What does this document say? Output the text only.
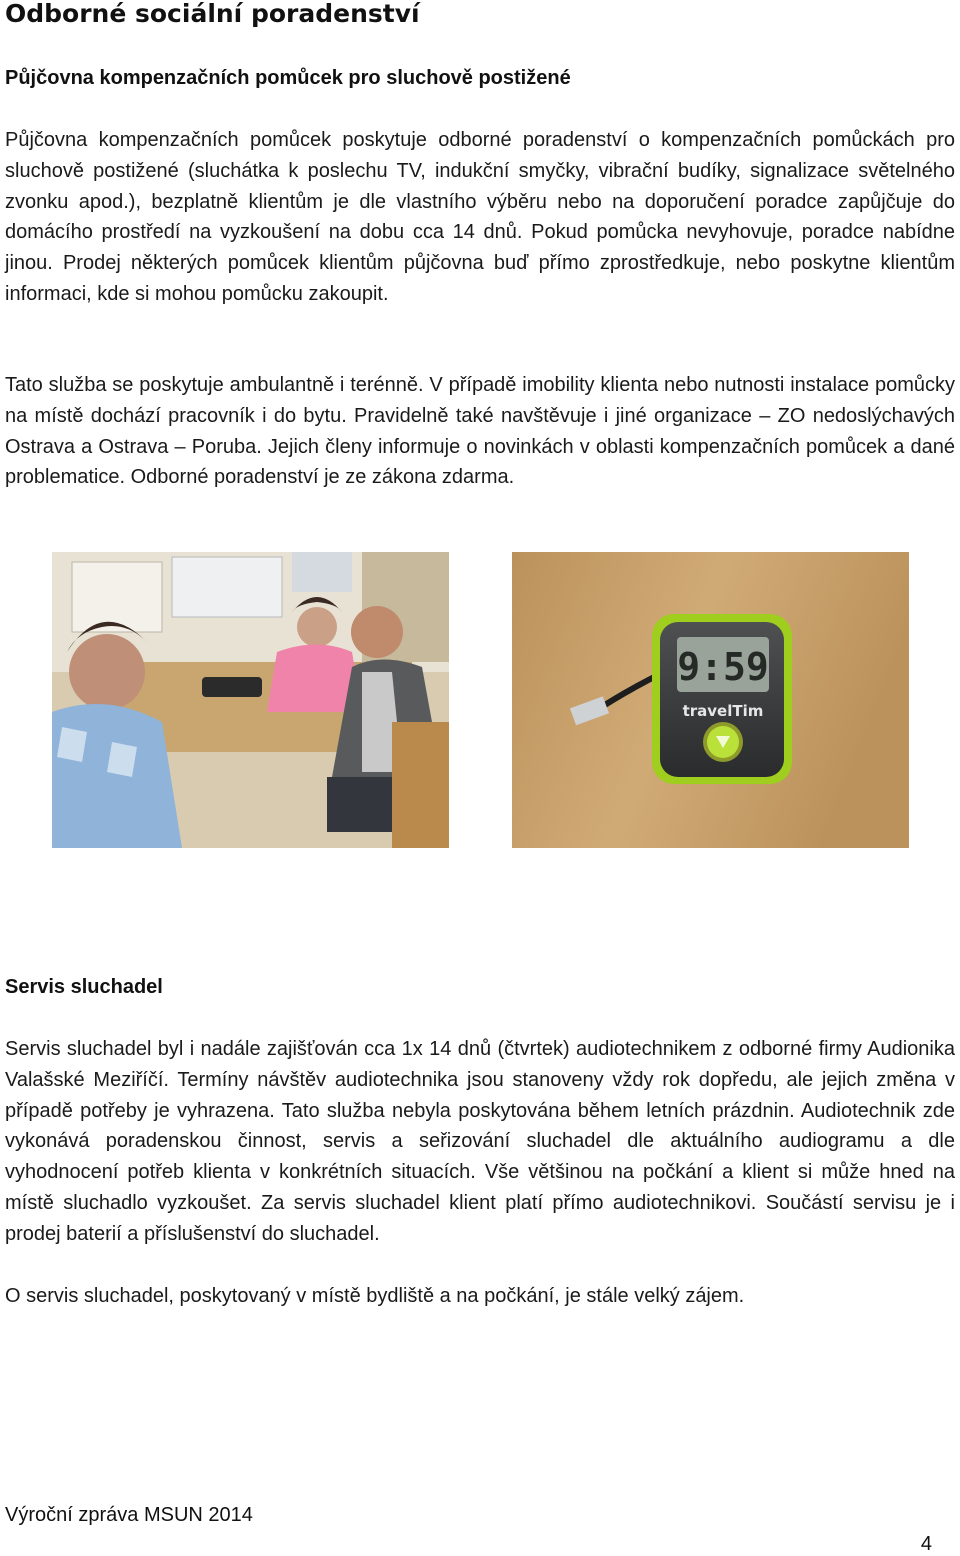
Odborné sociální poradenství
Půjčovna kompenzačních pomůcek pro sluchově postižené

Půjčovna kompenzačních pomůcek poskytuje odborné poradenství o kompenzačních pomůckách pro sluchově postižené (sluchátka k poslechu TV, indukční smyčky, vibrační budíky, signalizace světelného zvonku apod.), bezplatně klientům je dle vlastního výběru nebo na doporučení poradce zapůjčuje do domácího prostředí na vyzkoušení na dobu cca 14 dnů. Pokud pomůcka nevyhovuje, poradce nabídne jinou. Prodej některých pomůcek klientům půjčovna buď přímo zprostředkuje, nebo poskytne klientům informaci, kde si mohou pomůcku zakoupit.

Tato služba se poskytuje ambulantně i terénně. V případě imobility klienta nebo nutnosti instalace pomůcky na místě dochází pracovník i do bytu. Pravidelně také navštěvuje i jiné organizace – ZO nedoslýchavých Ostrava a Ostrava – Poruba. Jejich členy informuje o novinkách v oblasti kompenzačních pomůcek a dané problematice. Odborné poradenství je ze zákona zdarma.

9:59
travelTim
Servis sluchadel

Servis sluchadel byl i nadále zajišťován cca 1x 14 dnů (čtvrtek) audiotechnikem z odborné firmy Audionika Valašské Meziříčí. Termíny návštěv audiotechnika jsou stanoveny vždy rok dopředu, ale jejich změna v případě potřeby je vyhrazena. Tato služba nebyla poskytována během letních prázdnin. Audiotechnik zde vykonává poradenskou činnost, servis a seřizování sluchadel dle aktuálního audiogramu a dle vyhodnocení potřeb klienta v konkrétních situacích. Vše většinou na počkání a klient si může hned na místě sluchadlo vyzkoušet. Za servis sluchadel klient platí přímo audiotechnikovi. Součástí servisu je i prodej baterií a příslušenství do sluchadel.

O servis sluchadel, poskytovaný v místě bydliště a na počkání, je stále velký zájem.

Výroční zpráva MSUN 2014

4
